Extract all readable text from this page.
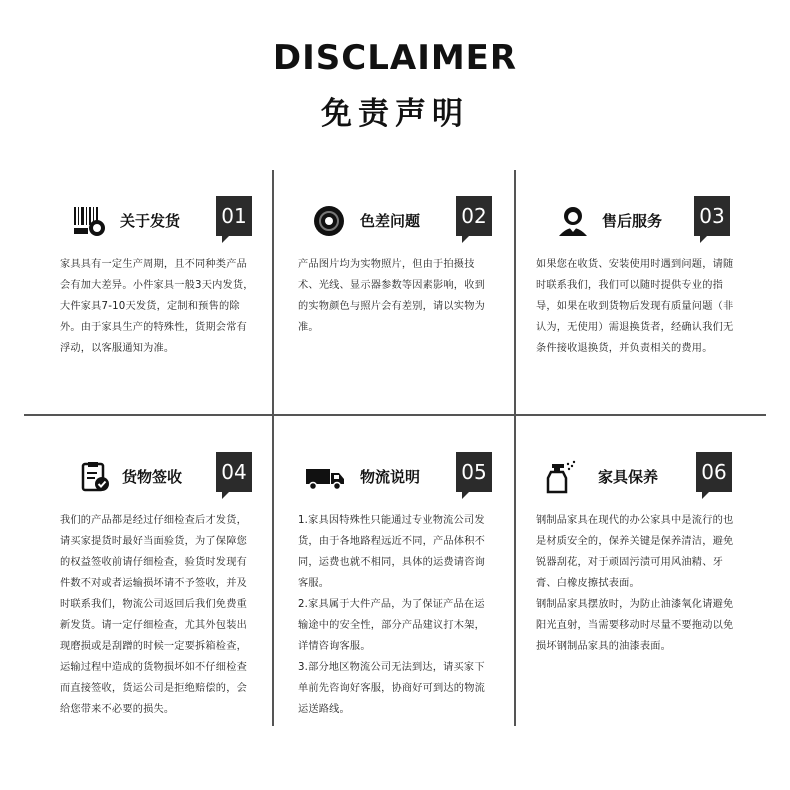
DISCLAIMER
免责声明
关于发货 01
家具具有一定生产周期，且不同种类产品会有加大差异。小件家具一般3天内发货，大件家具7-10天发货，定制和预售的除外。由于家具生产的特殊性，货期会常有浮动，以客服通知为准。
色差问题 02
产品图片均为实物照片，但由于拍摄技术、光线、显示器参数等因素影响，收到的实物颜色与照片会有差别，请以实物为准。
售后服务 03
如果您在收货、安装使用时遇到问题，请随时联系我们，我们可以随时提供专业的指导，如果在收到货物后发现有质量问题（非认为，无使用）需退换货者，经确认我们无条件接收退换货，并负责相关的费用。
货物签收 04
我们的产品都是经过仔细检查后才发货，请买家提货时最好当面验货，为了保障您的权益签收前请仔细检查，验货时发现有件数不对或者运输损坏请不予签收，并及时联系我们，物流公司返回后我们免费重新发货。请一定仔细检查，尤其外包装出现磨损或是刮蹭的时候一定要拆箱检查，运输过程中造成的货物损坏如不仔细检查而直接签收，货运公司是拒绝赔偿的，会给您带来不必要的损失。
物流说明 05
1.家具因特殊性只能通过专业物流公司发货，由于各地路程远近不同，产品体积不同，运费也就不相同，具体的运费请咨询客服。
2.家具属于大件产品，为了保证产品在运输途中的安全性，部分产品建议打木架，详情咨询客服。
3.部分地区物流公司无法到达，请买家下单前先咨询好客服，协商好可到达的物流运送路线。
家具保养 06
钢制品家具在现代的办公家具中是流行的也是材质安全的，保养关键是保养清洁，避免锐器刮花，对于顽固污渍可用风油精、牙膏、白橡皮擦拭表面。
钢制品家具摆放时，为防止油漆氧化请避免阳光直射，当需要移动时尽量不要拖动以免损坏钢制品家具的油漆表面。
